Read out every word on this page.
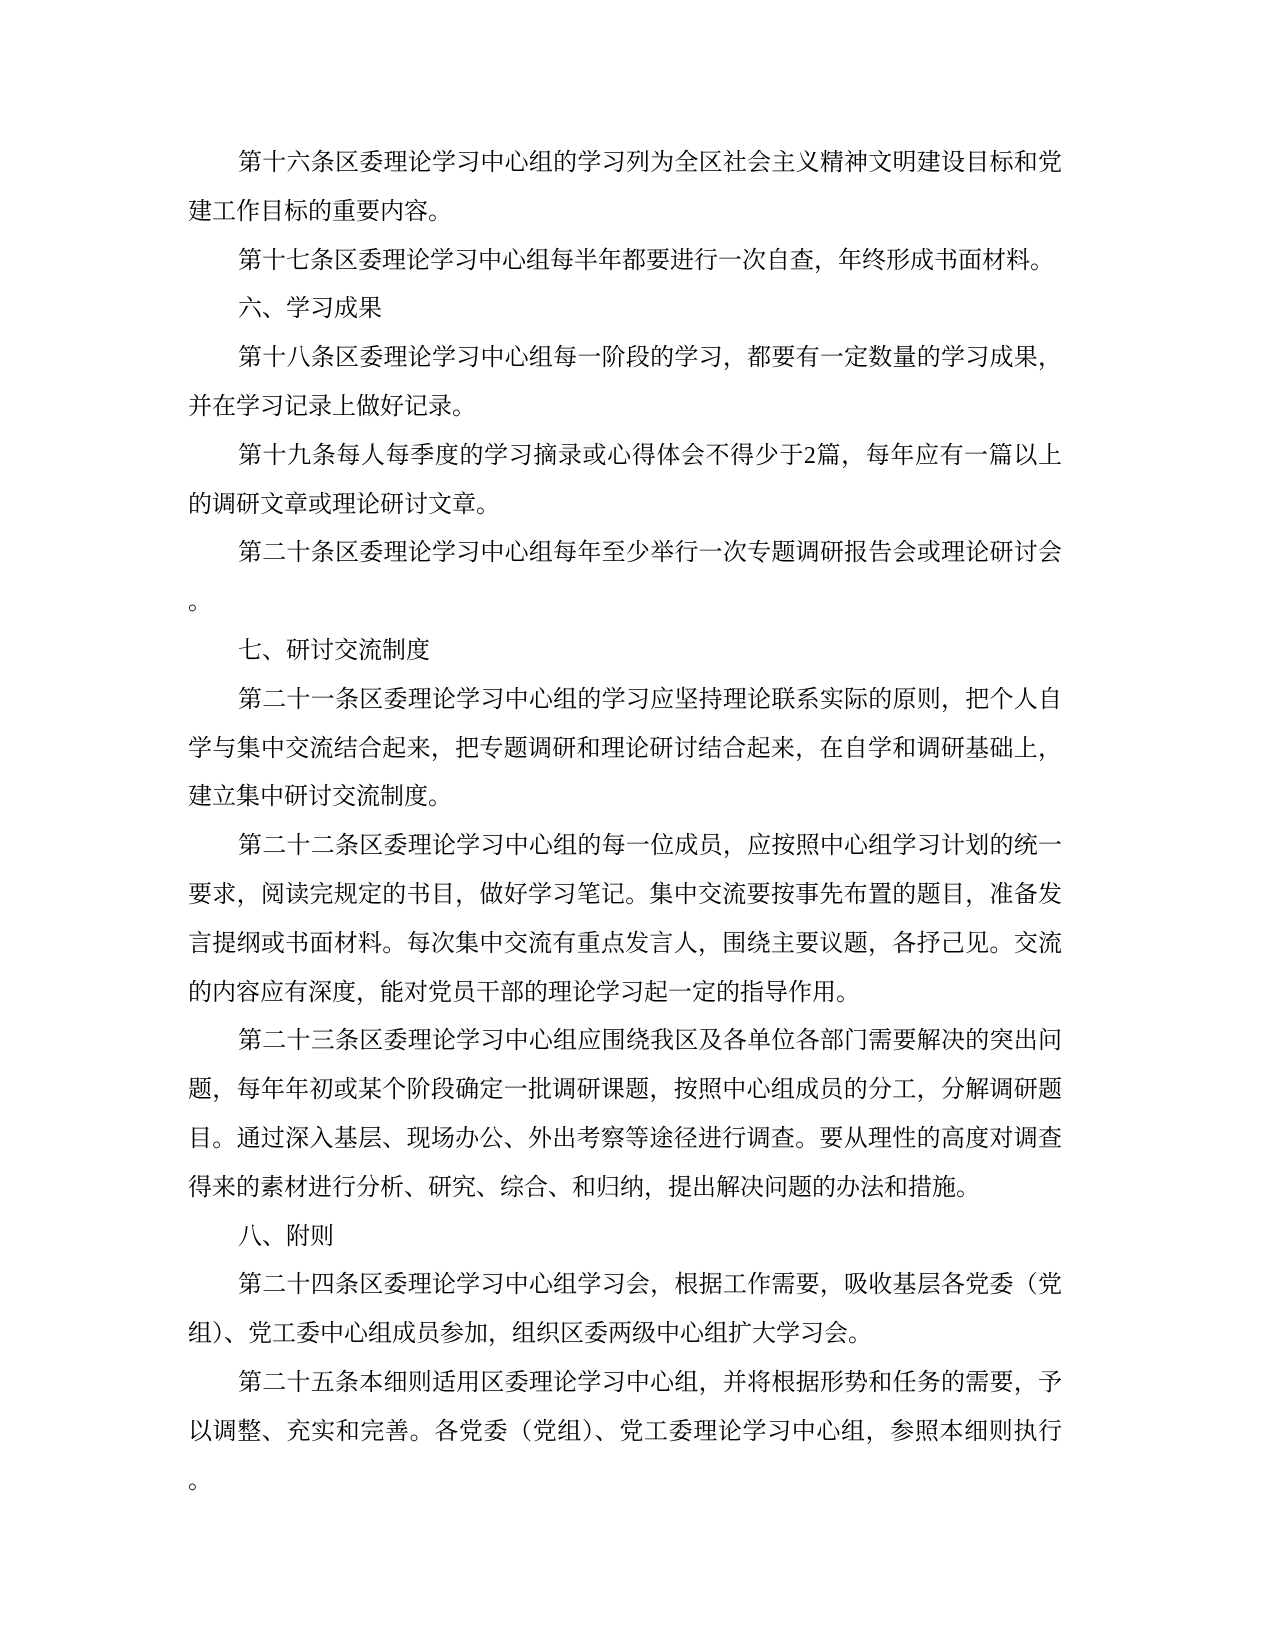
第十六条区委理论学习中心组的学习列为全区社会主义精神文明建设目标和党
建工作目标的重要内容。
第十七条区委理论学习中心组每半年都要进行一次自查，年终形成书面材料。
六、学习成果
第十八条区委理论学习中心组每一阶段的学习，都要有一定数量的学习成果，
并在学习记录上做好记录。
第十九条每人每季度的学习摘录或心得体会不得少于2篇，每年应有一篇以上
的调研文章或理论研讨文章。
第二十条区委理论学习中心组每年至少举行一次专题调研报告会或理论研讨会
。
七、研讨交流制度
第二十一条区委理论学习中心组的学习应坚持理论联系实际的原则，把个人自
学与集中交流结合起来，把专题调研和理论研讨结合起来，在自学和调研基础上，
建立集中研讨交流制度。
第二十二条区委理论学习中心组的每一位成员，应按照中心组学习计划的统一
要求，阅读完规定的书目，做好学习笔记。集中交流要按事先布置的题目，准备发
言提纲或书面材料。每次集中交流有重点发言人，围绕主要议题，各抒己见。交流
的内容应有深度，能对党员干部的理论学习起一定的指导作用。
第二十三条区委理论学习中心组应围绕我区及各单位各部门需要解决的突出问
题，每年年初或某个阶段确定一批调研课题，按照中心组成员的分工，分解调研题
目。通过深入基层、现场办公、外出考察等途径进行调查。要从理性的高度对调查
得来的素材进行分析、研究、综合、和归纳，提出解决问题的办法和措施。
八、附则
第二十四条区委理论学习中心组学习会，根据工作需要，吸收基层各党委（党
组）、党工委中心组成员参加，组织区委两级中心组扩大学习会。
第二十五条本细则适用区委理论学习中心组，并将根据形势和任务的需要，予
以调整、充实和完善。各党委（党组）、党工委理论学习中心组，参照本细则执行
。
